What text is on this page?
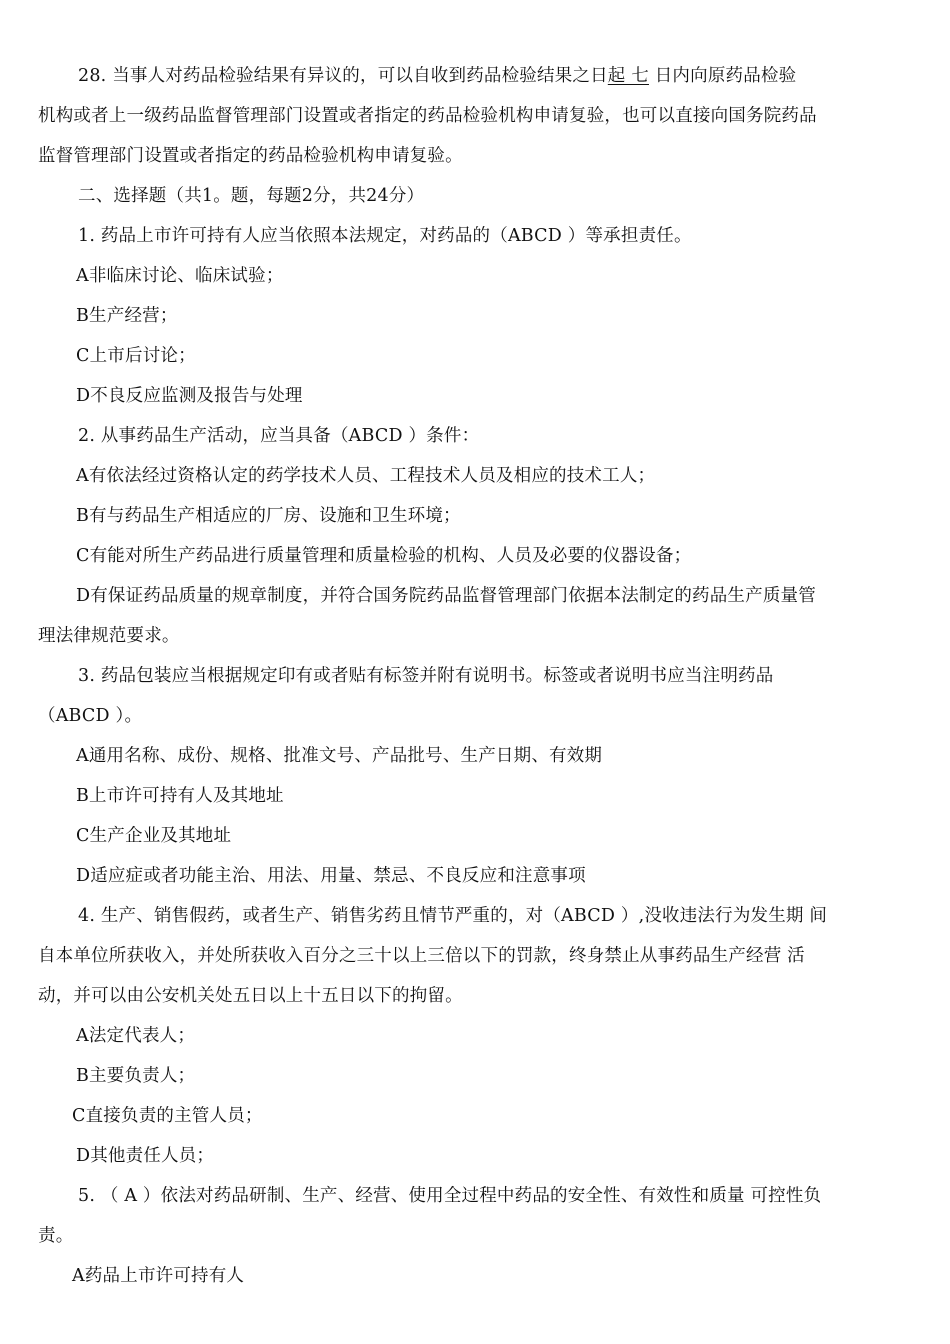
28. 当事人对药品检验结果有异议的，可以自收到药品检验结果之日起 七 日内向原药品检验
机构或者上一级药品监督管理部门设置或者指定的药品检验机构申请复验，也可以直接向国务院药品
监督管理部门设置或者指定的药品检验机构申请复验。
二、选择题（共1。题，每题2分，共24分）
1. 药品上市许可持有人应当依照本法规定，对药品的（ABCD ）等承担责任。
A非临床讨论、临床试验；
B生产经营；
C上市后讨论；
D不良反应监测及报告与处理
2. 从事药品生产活动，应当具备（ABCD ）条件：
A有依法经过资格认定的药学技术人员、工程技术人员及相应的技术工人；
B有与药品生产相适应的厂房、设施和卫生环境；
C有能对所生产药品进行质量管理和质量检验的机构、人员及必要的仪器设备；
D有保证药品质量的规章制度，并符合国务院药品监督管理部门依据本法制定的药品生产质量管
理法律规范要求。
3. 药品包装应当根据规定印有或者贴有标签并附有说明书。标签或者说明书应当注明药品
（ABCD ）。
A通用名称、成份、规格、批准文号、产品批号、生产日期、有效期
B上市许可持有人及其地址
C生产企业及其地址
D适应症或者功能主治、用法、用量、禁忌、不良反应和注意事项
4. 生产、销售假药，或者生产、销售劣药且情节严重的，对（ABCD ）,没收违法行为发生期 间
自本单位所获收入，并处所获收入百分之三十以上三倍以下的罚款，终身禁止从事药品生产经营 活
动，并可以由公安机关处五日以上十五日以下的拘留。
A法定代表人；
B主要负责人；
C直接负责的主管人员；
D其他责任人员；
5. （ A ）依法对药品研制、生产、经营、使用全过程中药品的安全性、有效性和质量 可控性负
责。
A药品上市许可持有人
